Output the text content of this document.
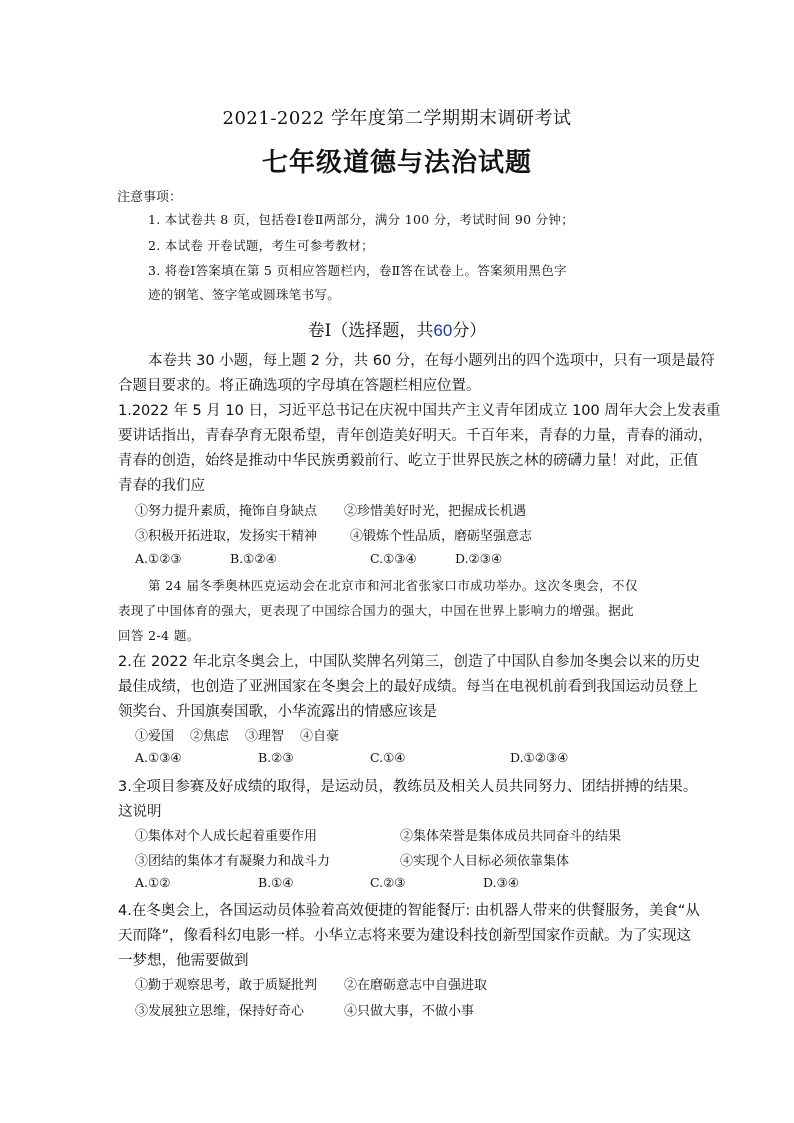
2021-2022 学年度第二学期期末调研考试
七年级道德与法治试题
注意事项：
1. 本试卷共 8 页，包括卷Ⅰ卷Ⅱ两部分，满分 100 分，考试时间 90 分钟；
2. 本试卷 开卷试题，考生可参考教材；
3. 将卷Ⅰ答案填在第 5 页相应答题栏内，卷Ⅱ答在试卷上。答案须用黑色字
迹的钢笔、签字笔或圆珠笔书写。
卷Ⅰ（选择题，共60分）
本卷共 30 小题，每上题 2 分，共 60 分，在每小题列出的四个选项中，只有一项是最符
合题目要求的。将正确选项的字母填在答题栏相应位置。
1.2022 年 5 月 10 日，习近平总书记在庆祝中国共产主义青年团成立 100 周年大会上发表重
要讲话指出，青春孕育无限希望，青年创造美好明天。千百年来，青春的力量，青春的涌动，
青春的创造，始终是推动中华民族勇毅前行、屹立于世界民族之林的磅礴力量！对此，正值
青春的我们应
①努力提升素质，掩饰自身缺点 ②珍惜美好时光，把握成长机遇
③积极开拓进取，发扬实干精神	④锻炼个性品质，磨砺坚强意志
A.①②③	B.①②④	C.①③④	D.②③④
第 24 届冬季奥林匹克运动会在北京市和河北省张家口市成功举办。这次冬奥会，不仅
表现了中国体育的强大，更表现了中国综合国力的强大，中国在世界上影响力的增强。据此
回答 2-4 题。
2.在 2022 年北京冬奥会上，中国队奖牌名列第三，创造了中国队自参加冬奥会以来的历史
最佳成绩，也创造了亚洲国家在冬奥会上的最好成绩。每当在电视机前看到我国运动员登上
领奖台、升国旗奏国歌，小华流露出的情感应该是
①爱国 ②焦虑 ③理智 ④自豪
A.①③④	B.②③	C.①④	D.①②③④
3.全项目参赛及好成绩的取得，是运动员，教练员及相关人员共同努力、团结拼搏的结果。
这说明
①集体对个人成长起着重要作用	②集体荣誉是集体成员共同奋斗的结果
③团结的集体才有凝聚力和战斗力	④实现个人目标必须依靠集体
A.①②	B.①④	C.②③	D.③④
4.在冬奥会上，各国运动员体验着高效便捷的智能餐厅: 由机器人带来的供餐服务，美食“从
天而降”，像看科幻电影一样。小华立志将来要为建设科技创新型国家作贡献。为了实现这
一梦想，他需要做到
①勤于观察思考，敢于质疑批判 ②在磨砺意志中自强进取
③发展独立思维，保持好奇心	④只做大事，不做小事
